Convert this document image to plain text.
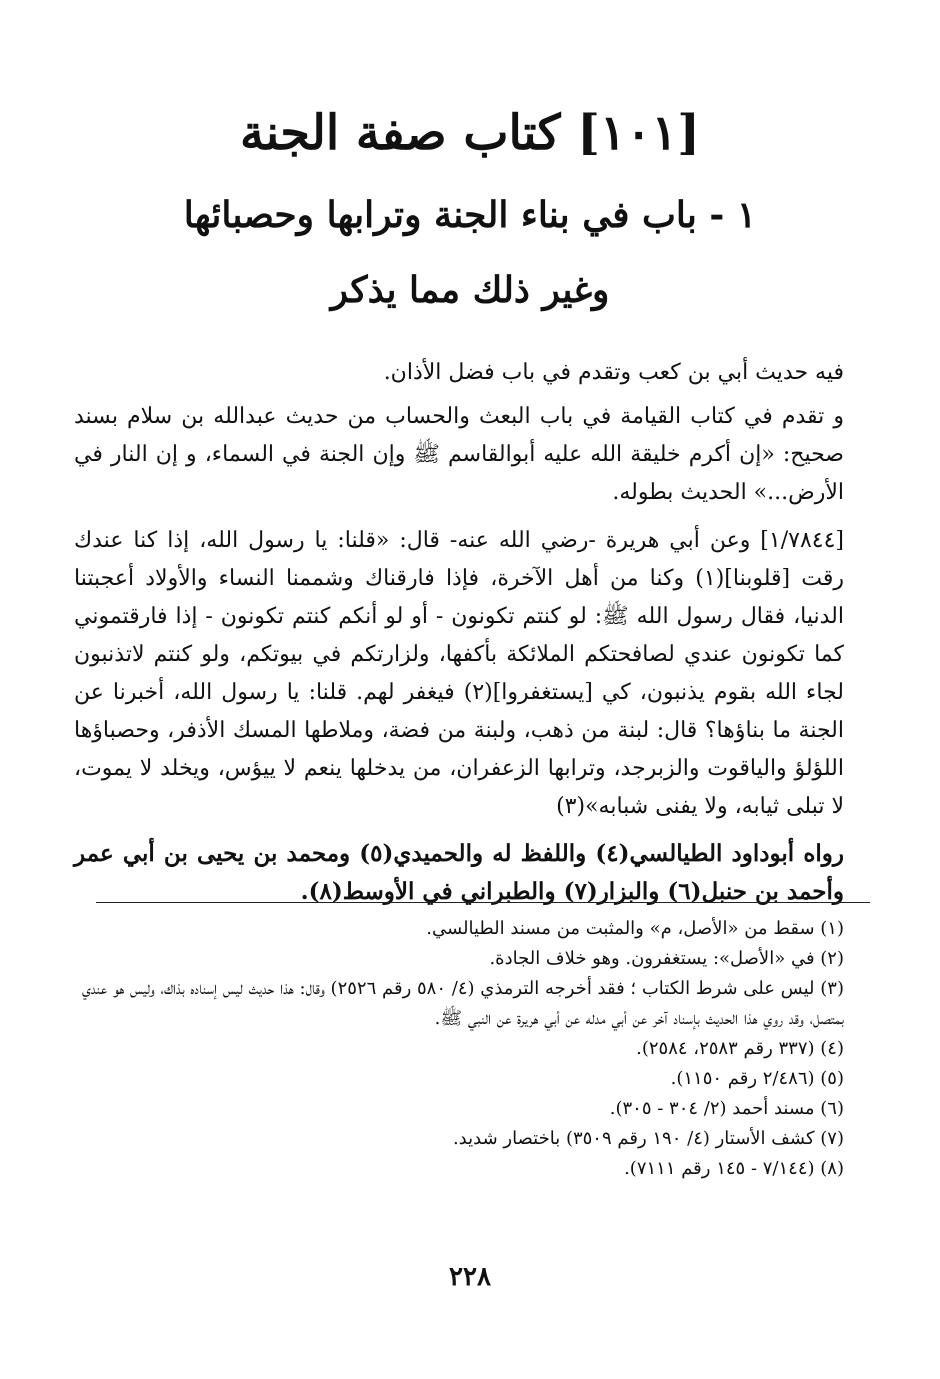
[١٠١] كتاب صفة الجنة
١ - باب في بناء الجنة وترابها وحصبائها
وغير ذلك مما يذكر

فيه حديث أبي بن كعب وتقدم في باب فضل الأذان.

و تقدم في كتاب القيامة في باب البعث والحساب من حديث عبدالله بن سلام بسند صحيح: «إن أكرم خليقة الله عليه أبوالقاسم ﷺ وإن الجنة في السماء، و إن النار في الأرض...» الحديث بطوله.

[١/٧٨٤٤] وعن أبي هريرة -رضي الله عنه- قال: «قلنا: يا رسول الله، إذا كنا عندك رقت [قلوبنا](١) وكنا من أهل الآخرة، فإذا فارقناك وشممنا النساء والأولاد أعجبتنا الدنيا، فقال رسول الله ﷺ: لو كنتم تكونون - أو لو أنكم كنتم تكونون - إذا فارقتموني كما تكونون عندي لصافحتكم الملائكة بأكفها، ولزارتكم في بيوتكم، ولو كنتم لاتذنبون لجاء الله بقوم يذنبون، كي [يستغفروا](٢) فيغفر لهم. قلنا: يا رسول الله، أخبرنا عن الجنة ما بناؤها؟ قال: لبنة من ذهب، ولبنة من فضة، وملاطها المسك الأذفر، وحصباؤها اللؤلؤ والياقوت والزبرجد، وترابها الزعفران، من يدخلها ينعم لا ييؤس، ويخلد لا يموت، لا تبلى ثيابه، ولا يفنى شبابه»(٣)

رواه أبوداود الطيالسي(٤) واللفظ له والحميدي(٥) ومحمد بن يحيى بن أبي عمر وأحمد بن حنبل(٦) والبزار(٧) والطبراني في الأوسط(٨).

(١) سقط من «الأصل، م» والمثبت من مسند الطيالسي.
(٢) في «الأصل»: يستغفرون. وهو خلاف الجادة.
(٣) ليس على شرط الكتاب ؛ فقد أخرجه الترمذي (٤/ ٥٨٠ رقم ٢٥٢٦) وقال: هذا حديث ليس إسناده بذاك، وليس هو عندي بمتصل، وقد روي هذا الحديث بإسناد آخر عن أبي مدله عن أبي هريرة عن النبي ﷺ.
(٤) (٣٣٧ رقم ٢٥٨٣، ٢٥٨٤).
(٥) (٢/٤٨٦ رقم ١١٥٠).
(٦) مسند أحمد (٢/ ٣٠٤ - ٣٠٥).
(٧) كشف الأستار (٤/ ١٩٠ رقم ٣٥٠٩) باختصار شديد.
(٨) (٧/١٤٤ - ١٤٥ رقم ٧١١١).
٢٢٨
